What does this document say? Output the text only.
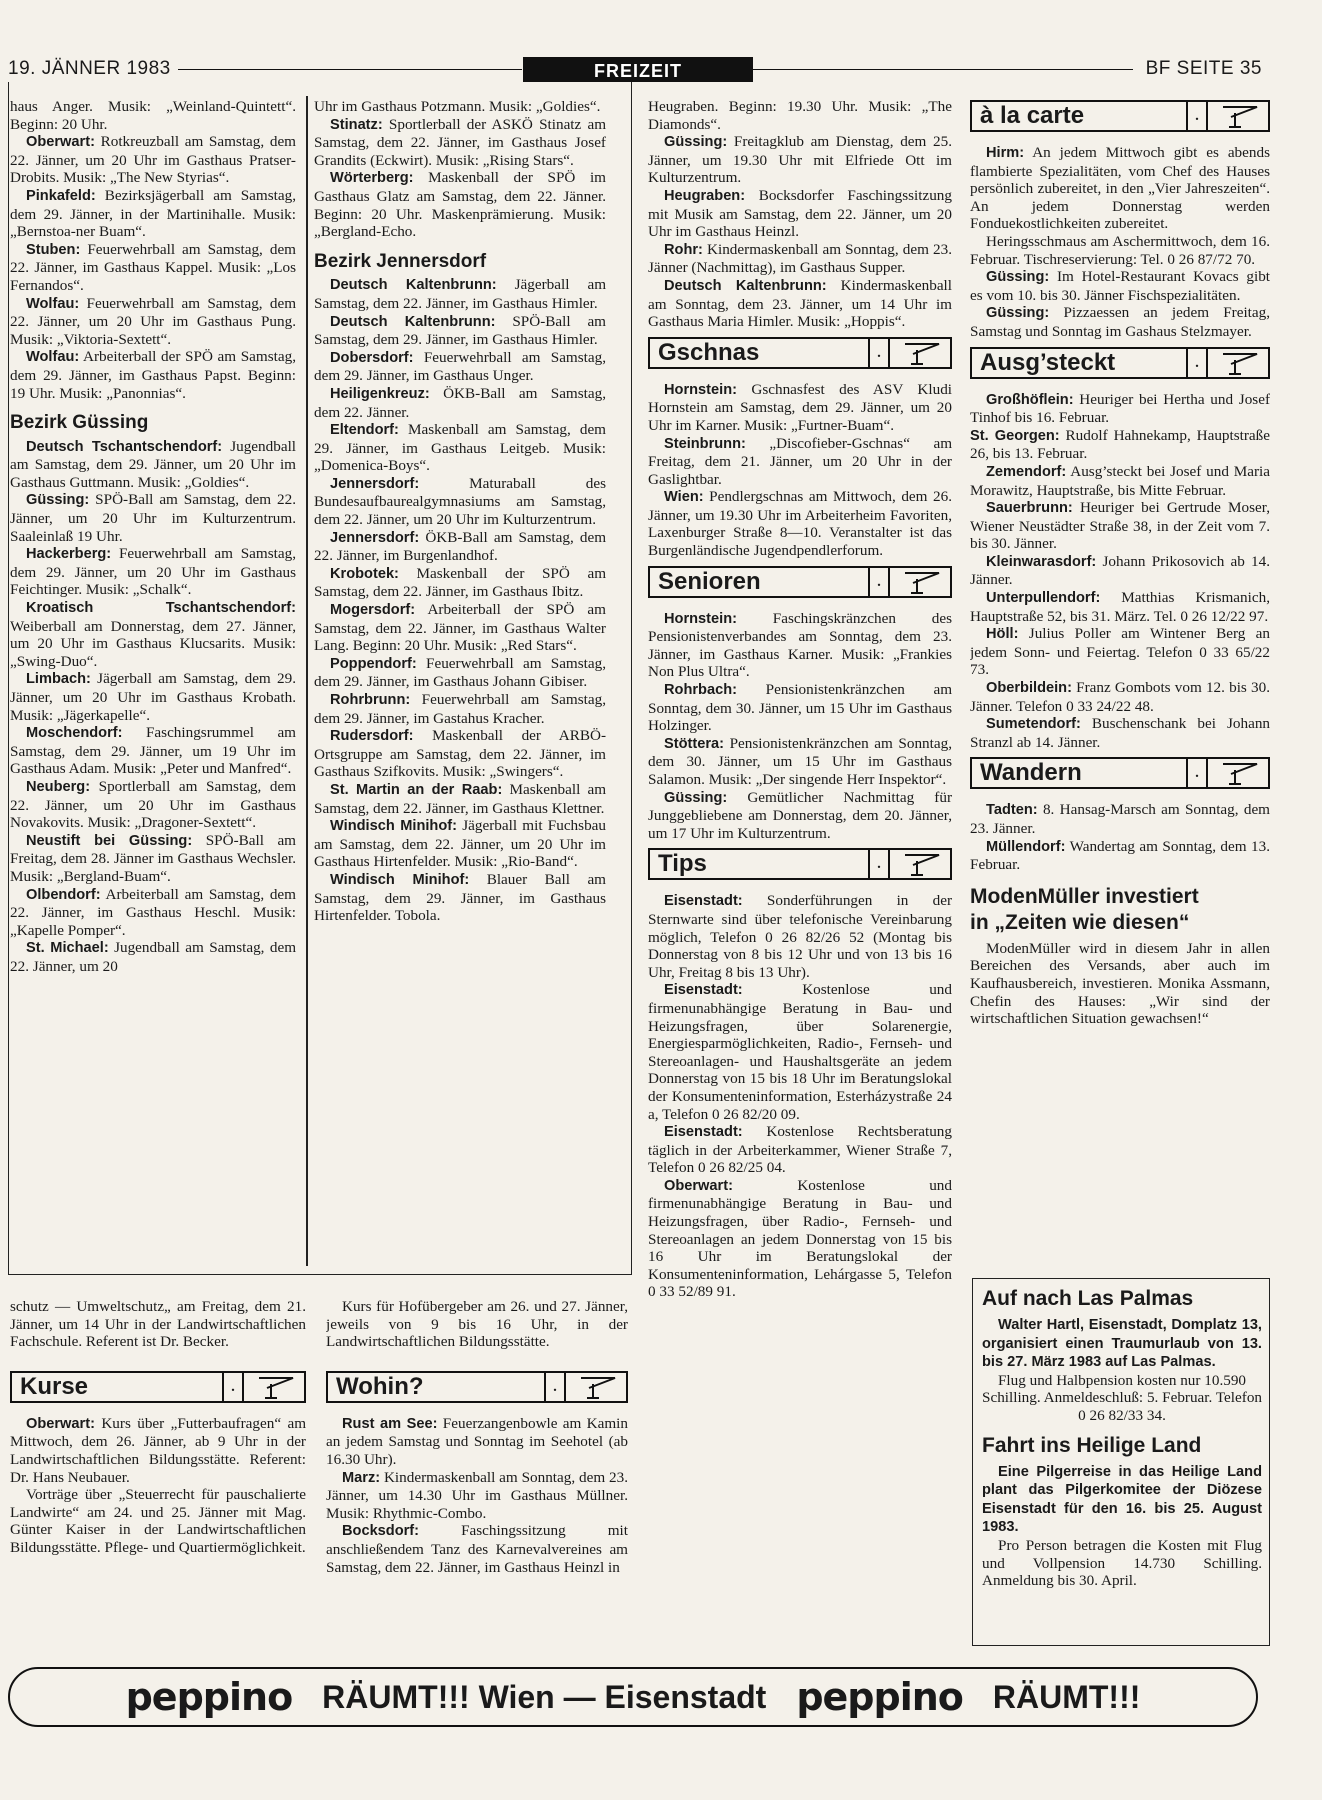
19. JÄNNER 1983	FREIZEIT	BF SEITE 35

haus Anger. Musik: „Weinland-Quintett“. Beginn: 20 Uhr.

Oberwart: Rotkreuzball am Samstag, dem 22. Jänner, um 20 Uhr im Gasthaus Pratser-Drobits. Musik: „The New Styrias“.

Pinkafeld: Bezirksjägerball am Samstag, dem 29. Jänner, in der Martinihalle. Musik: „Bernstoa-ner Buam“.

Stuben: Feuerwehrball am Samstag, dem 22. Jänner, im Gasthaus Kappel. Musik: „Los Fernandos“.

Wolfau: Feuerwehrball am Samstag, dem 22. Jänner, um 20 Uhr im Gasthaus Pung. Musik: „Viktoria-Sextett“.

Wolfau: Arbeiterball der SPÖ am Samstag, dem 29. Jänner, im Gasthaus Papst. Beginn: 19 Uhr. Musik: „Panonnias“.

Bezirk Güssing

Deutsch Tschantschendorf: Jugendball am Samstag, dem 29. Jänner, um 20 Uhr im Gasthaus Guttmann. Musik: „Goldies“.

Güssing: SPÖ-Ball am Samstag, dem 22. Jänner, um 20 Uhr im Kulturzentrum. Saaleinlaß 19 Uhr.

Hackerberg: Feuerwehrball am Samstag, dem 29. Jänner, um 20 Uhr im Gasthaus Feichtinger. Musik: „Schalk“.

Kroatisch Tschantschendorf: Weiberball am Donnerstag, dem 27. Jänner, um 20 Uhr im Gasthaus Klucsarits. Musik: „Swing-Duo“.

Limbach: Jägerball am Samstag, dem 29. Jänner, um 20 Uhr im Gasthaus Krobath. Musik: „Jägerkapelle“.

Moschendorf: Faschingsrummel am Samstag, dem 29. Jänner, um 19 Uhr im Gasthaus Adam. Musik: „Peter und Manfred“.

Neuberg: Sportlerball am Samstag, dem 22. Jänner, um 20 Uhr im Gasthaus Novakovits. Musik: „Dragoner-Sextett“.

Neustift bei Güssing: SPÖ-Ball am Freitag, dem 28. Jänner im Gasthaus Wechsler. Musik: „Bergland-Buam“.

Olbendorf: Arbeiterball am Samstag, dem 22. Jänner, im Gasthaus Heschl. Musik: „Kapelle Pomper“.

St. Michael: Jugendball am Samstag, dem 22. Jänner, um 20

Uhr im Gasthaus Potzmann. Musik: „Goldies“.

Stinatz: Sportlerball der ASKÖ Stinatz am Samstag, dem 22. Jänner, im Gasthaus Josef Grandits (Eckwirt). Musik: „Rising Stars“.

Wörterberg: Maskenball der SPÖ im Gasthaus Glatz am Samstag, dem 22. Jänner. Beginn: 20 Uhr. Maskenprämierung. Musik: „Bergland-Echo.

Bezirk Jennersdorf

Deutsch Kaltenbrunn: Jägerball am Samstag, dem 22. Jänner, im Gasthaus Himler.

Deutsch Kaltenbrunn: SPÖ-Ball am Samstag, dem 29. Jänner, im Gasthaus Himler.

Dobersdorf: Feuerwehrball am Samstag, dem 29. Jänner, im Gasthaus Unger.

Heiligenkreuz: ÖKB-Ball am Samstag, dem 22. Jänner.

Eltendorf: Maskenball am Samstag, dem 29. Jänner, im Gasthaus Leitgeb. Musik: „Domenica-Boys“.

Jennersdorf:	Maturaball des Bundesaufbaurealgymnasiums am Samstag, dem 22. Jänner, um 20 Uhr im Kulturzentrum.

Jennersdorf: ÖKB-Ball am Samstag, dem 22. Jänner, im Burgenlandhof.

Krobotek: Maskenball der SPÖ am Samstag, dem 22. Jänner, im Gasthaus Ibitz.

Mogersdorf: Arbeiterball der SPÖ am Samstag, dem 22. Jänner, im Gasthaus Walter Lang. Beginn: 20 Uhr. Musik: „Red Stars“.

Poppendorf: Feuerwehrball am Samstag, dem 29. Jänner, im Gasthaus Johann Gibiser.

Rohrbrunn: Feuerwehrball am Samstag, dem 29. Jänner, im Gastahus Kracher.

Rudersdorf: Maskenball der ARBÖ-Ortsgruppe am Samstag, dem 22. Jänner, im Gasthaus Szifkovits. Musik: „Swingers“.

St. Martin an der Raab: Maskenball am Samstag, dem 22. Jänner, im Gasthaus Klettner.

Windisch Minihof: Jägerball mit Fuchsbau am Samstag, dem 22. Jänner, um 20 Uhr im Gasthaus Hirtenfelder. Musik: „Rio-Band“.

Windisch Minihof: Blauer Ball am Samstag, dem 29. Jänner, im Gasthaus Hirtenfelder. Tobola.

Heugraben. Beginn: 19.30 Uhr. Musik: „The Diamonds“.

Güssing: Freitagklub am Dienstag, dem 25. Jänner, um 19.30 Uhr mit Elfriede Ott im Kulturzentrum.

Heugraben: Bocksdorfer Faschingssitzung mit Musik am Samstag, dem 22. Jänner, um 20 Uhr im Gasthaus Heinzl.

Rohr: Kindermaskenball am Sonntag, dem 23. Jänner (Nachmittag), im Gasthaus Supper.

Deutsch Kaltenbrunn: Kindermaskenball am Sonntag, dem 23. Jänner, um 14 Uhr im Gasthaus Maria Himler. Musik: „Hoppis“.

Gschnas	.

Hornstein: Gschnasfest des ASV Kludi Hornstein am Samstag, dem 29. Jänner, um 20 Uhr im Karner. Musik: „Furtner-Buam“.

Steinbrunn: „Discofieber-Gschnas“ am Freitag, dem 21. Jänner, um 20 Uhr in der Gaslightbar.

Wien: Pendlergschnas am Mittwoch, dem 26. Jänner, um 19.30 Uhr im Arbeiterheim Favoriten, Laxenburger Straße 8—10. Veranstalter ist das Burgenländische Jugendpendlerforum.

Senioren	.

Hornstein: Faschingskränzchen des Pensionistenverbandes am Sonntag, dem 23. Jänner, im Gasthaus Karner. Musik: „Frankies Non Plus Ultra“.

Rohrbach: Pensionistenkränzchen am Sonntag, dem 30. Jänner, um 15 Uhr im Gasthaus Holzinger.

Stöttera: Pensionistenkränzchen am Sonntag, dem 30. Jänner, um 15 Uhr im Gasthaus Salamon. Musik: „Der singende Herr Inspektor“.

Güssing: Gemütlicher Nachmittag für Junggebliebene am Donnerstag, dem 20. Jänner, um 17 Uhr im Kulturzentrum.

Tips	.

Eisenstadt: Sonderführungen in der Sternwarte sind über telefonische Vereinbarung möglich, Telefon 0 26 82/26 52 (Montag bis Donnerstag von 8 bis 12 Uhr und von 13 bis 16 Uhr, Freitag 8 bis 13 Uhr).

Eisenstadt:	Kostenlose und firmenunabhängige Beratung in Bau- und Heizungsfragen, über Solarenergie, Energiesparmöglichkeiten, Radio-, Fernseh- und Stereoanlagen- und Haushaltsgeräte an jedem Donnerstag von 15 bis 18 Uhr im Beratungslokal der Konsumenteninformation, Esterházystraße 24 a, Telefon 0 26 82/20 09.

Eisenstadt: Kostenlose Rechtsberatung täglich in der Arbeiterkammer, Wiener Straße 7, Telefon 0 26 82/25 04.

Oberwart:	Kostenlose und firmenunabhängige Beratung in Bau- und Heizungsfragen, über Radio-, Fernseh- und Stereoanlagen an jedem Donnerstag von 15 bis 16 Uhr im Beratungslokal der Konsumenteninformation, Lehárgasse 5, Telefon 0 33 52/89 91.

à la carte	.

Hirm: An jedem Mittwoch gibt es abends flambierte Spezialitäten, vom Chef des Hauses persönlich zubereitet, in den „Vier Jahreszeiten“. An jedem Donnerstag werden Fonduekostlichkeiten zubereitet.

Heringsschmaus am Aschermittwoch, dem 16. Februar. Tischreservierung: Tel. 0 26 87/72 70.

Güssing: Im Hotel-Restaurant Kovacs gibt es vom 10. bis 30. Jänner Fischspezialitäten.

Güssing: Pizzaessen an jedem Freitag, Samstag und Sonntag im Gashaus Stelzmayer.

Ausg’steckt	.

Großhöflein: Heuriger bei Hertha und Josef Tinhof bis 16. Februar.

St. Georgen: Rudolf Hahnekamp, Hauptstraße 26, bis 13. Februar.

Zemendorf: Ausg’steckt bei Josef und Maria Morawitz, Hauptstraße, bis Mitte Februar.

Sauerbrunn: Heuriger bei Gertrude Moser, Wiener Neustädter Straße 38, in der Zeit vom 7. bis 30. Jänner.

Kleinwarasdorf: Johann Prikosovich ab 14. Jänner.

Unterpullendorf: Matthias Krismanich, Hauptstraße 52, bis 31. März. Tel. 0 26 12/22 97.

Höll: Julius Poller am Wintener Berg an jedem Sonn- und Feiertag. Telefon 0 33 65/22 73.

Oberbildein: Franz Gombots vom 12. bis 30. Jänner. Telefon 0 33 24/22 48.

Sumetendorf: Buschenschank bei Johann Stranzl ab 14. Jänner.

Wandern	.

Tadten: 8. Hansag-Marsch am Sonntag, dem 23. Jänner.

Müllendorf: Wandertag am Sonntag, dem 13. Februar.

ModenMüller investiert
in „Zeiten wie diesen“

ModenMüller wird in diesem Jahr in allen Bereichen des Versands, aber auch im Kaufhausbereich, investieren. Monika Assmann, Chefin des Hauses: „Wir sind der wirtschaftlichen Situation gewachsen!“

Auf nach Las Palmas

Walter Hartl, Eisenstadt, Domplatz 13, organisiert einen Traumurlaub von 13. bis 27. März 1983 auf Las Palmas.

Flug und Halbpension kosten nur 10.590 Schilling. Anmeldeschluß: 5. Februar. Telefon 0 26 82/33 34.

Fahrt ins Heilige Land

Eine Pilgerreise in das Heilige Land plant das Pilgerkomitee der Diözese Eisenstadt für den 16. bis 25. August 1983.

Pro Person betragen die Kosten mit Flug und Vollpension 14.730 Schilling. Anmeldung bis 30. April.

schutz — Umweltschutz„ am Freitag, dem 21. Jänner, um 14 Uhr in der Landwirtschaftlichen Fachschule. Referent ist Dr. Becker.

Kurse	.

Oberwart: Kurs über „Futterbaufragen“ am Mittwoch, dem 26. Jänner, ab 9 Uhr in der Landwirtschaftlichen Bildungsstätte. Referent: Dr. Hans Neubauer.

Vorträge über „Steuerrecht für pauschalierte Landwirte“ am 24. und 25. Jänner mit Mag. Günter Kaiser in der Landwirtschaftlichen Bildungsstätte. Pflege- und Quartiermöglichkeit.

Kurs für Hofübergeber am 26. und 27. Jänner, jeweils von 9 bis 16 Uhr, in der Landwirtschaftlichen Bildungsstätte.

Wohin?	.

Rust am See: Feuerzangenbowle am Kamin an jedem Samstag und Sonntag im Seehotel (ab 16.30 Uhr).

Marz: Kindermaskenball am Sonntag, dem 23. Jänner, um 14.30 Uhr im Gasthaus Müllner. Musik: Rhythmic-Combo.

Bocksdorf:	Faschingssitzung mit anschließendem Tanz des Karnevalvereines am Samstag, dem 22. Jänner, im Gasthaus Heinzl in

peppino RÄUMT!!! Wien — Eisenstadt peppino RÄUMT!!!
